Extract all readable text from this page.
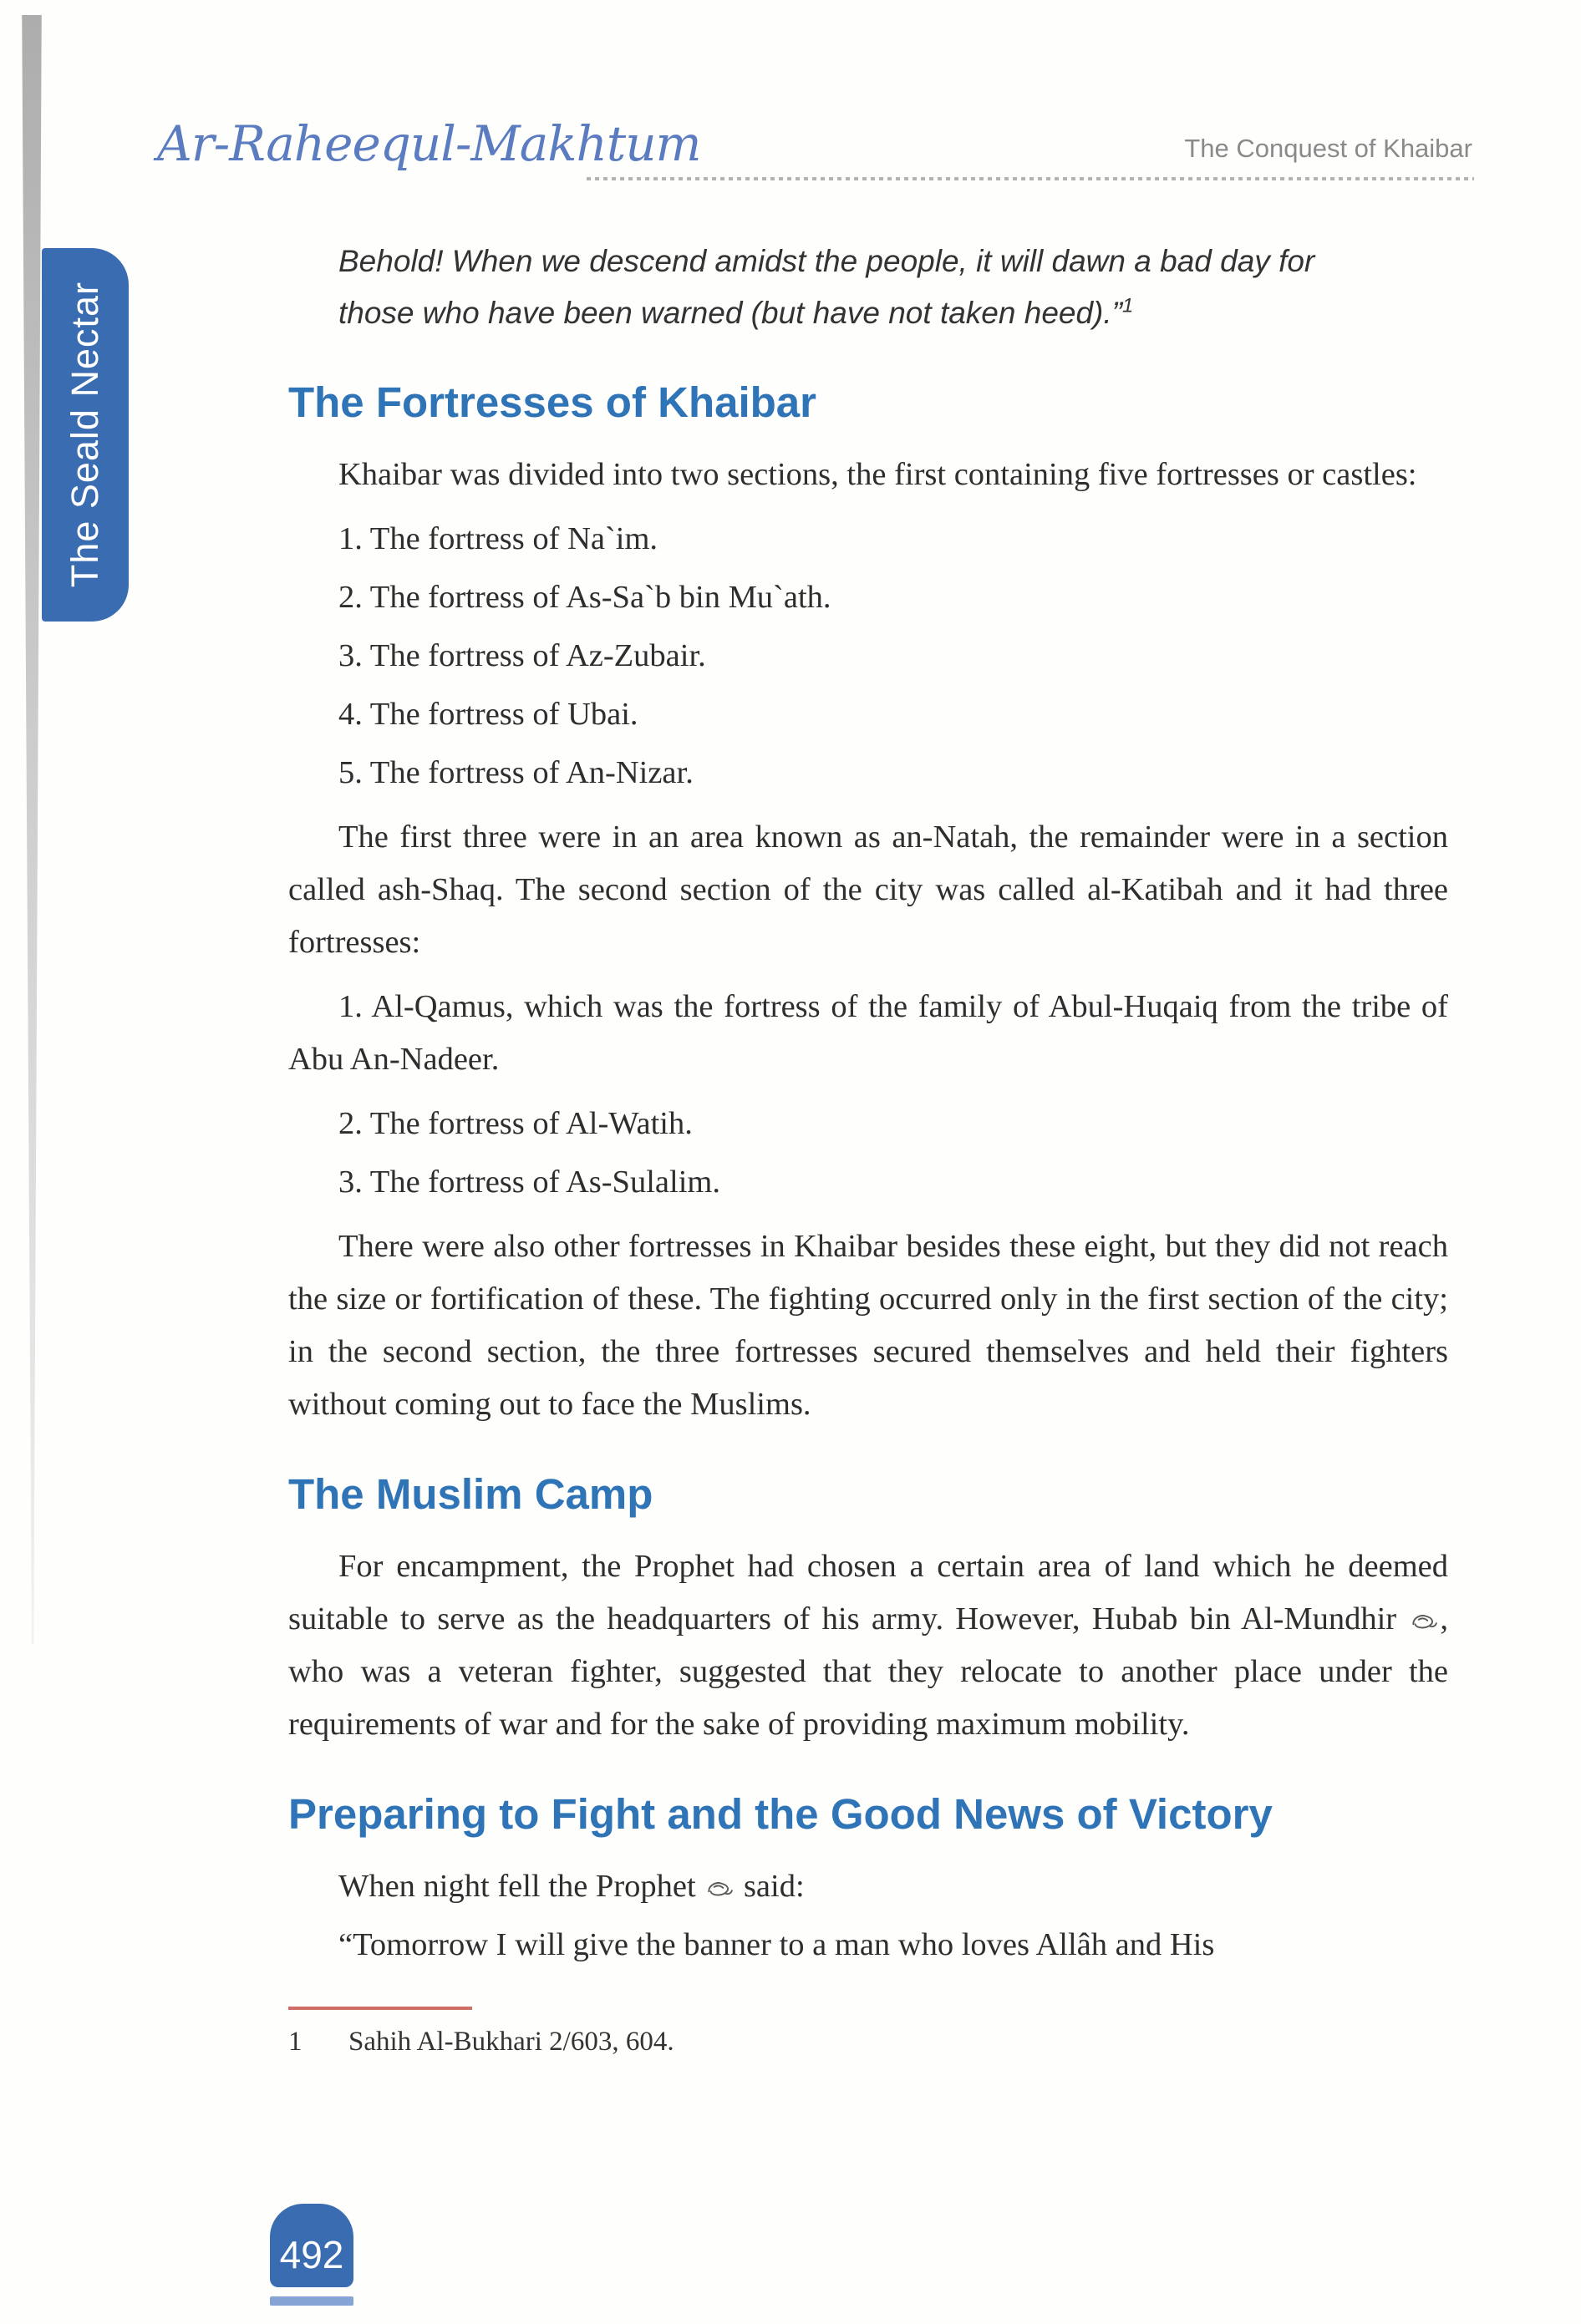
The Seald Nectar
Ar-Raheequl-Makhtum	The Conquest of Khaibar
Behold! When we descend amidst the people, it will dawn a bad day for
those who have been warned (but have not taken heed).”$^1$
The Fortresses of Khaibar

Khaibar was divided into two sections, the first containing five fortresses or castles:

1. The fortress of Na`im.

2. The fortress of As-Sa`b bin Mu`ath.

3. The fortress of Az-Zubair.

4. The fortress of Ubai.

5. The fortress of An-Nizar.

The first three were in an area known as an-Natah, the remainder were in a section called ash-Shaq. The second section of the city was called al-Katibah and it had three fortresses:

1. Al-Qamus, which was the fortress of the family of Abul-Huqaiq from the tribe of Abu An-Nadeer.

2. The fortress of Al-Watih.

3. The fortress of As-Sulalim.

There were also other fortresses in Khaibar besides these eight, but they did not reach the size or fortification of these. The fighting occurred only in the first section of the city; in the second section, the three fortresses secured themselves and held their fighters without coming out to face the Muslims.

The Muslim Camp

For encampment, the Prophet had chosen a certain area of land which he deemed suitable to serve as the headquarters of his army. However, Hubab bin Al-Mundhir , who was a veteran fighter, suggested that they relocate to another place under the requirements of war and for the sake of providing maximum mobility.

Preparing to Fight and the Good News of Victory

When night fell the Prophet said:

“Tomorrow I will give the banner to a man who loves Allâh and His

1 Sahih Al-Bukhari 2/603, 604.

492
